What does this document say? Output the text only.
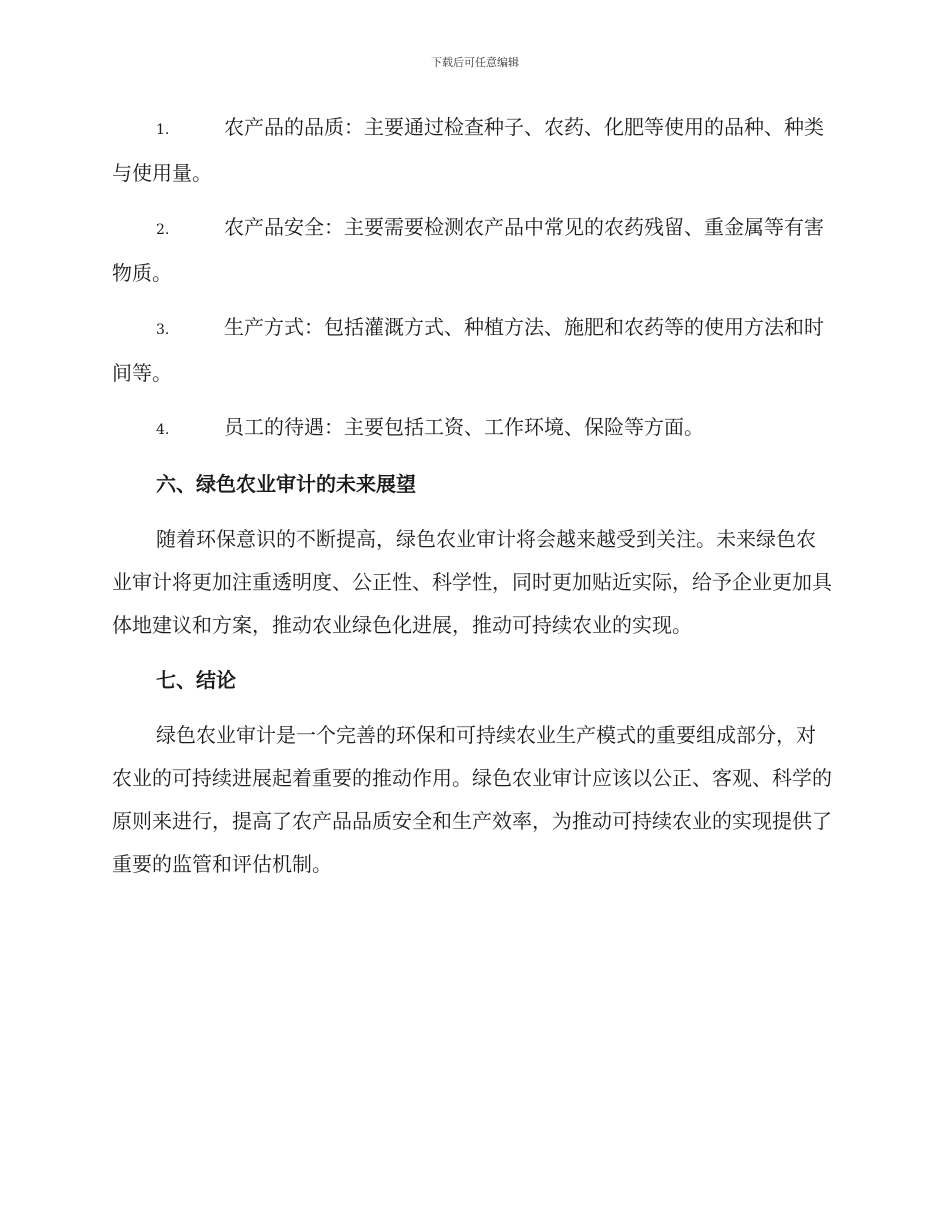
下载后可任意编辑

1.	农产品的品质：主要通过检查种子、农药、化肥等使用的品种、种类与使用量。

2.	农产品安全：主要需要检测农产品中常见的农药残留、重金属等有害物质。

3.	生产方式：包括灌溉方式、种植方法、施肥和农药等的使用方法和时间等。

4.	员工的待遇：主要包括工资、工作环境、保险等方面。

六、绿色农业审计的未来展望

随着环保意识的不断提高，绿色农业审计将会越来越受到关注。未来绿色农业审计将更加注重透明度、公正性、科学性，同时更加贴近实际，给予企业更加具体地建议和方案，推动农业绿色化进展，推动可持续农业的实现。

七、结论

绿色农业审计是一个完善的环保和可持续农业生产模式的重要组成部分，对农业的可持续进展起着重要的推动作用。绿色农业审计应该以公正、客观、科学的原则来进行，提高了农产品品质安全和生产效率，为推动可持续农业的实现提供了重要的监管和评估机制。
